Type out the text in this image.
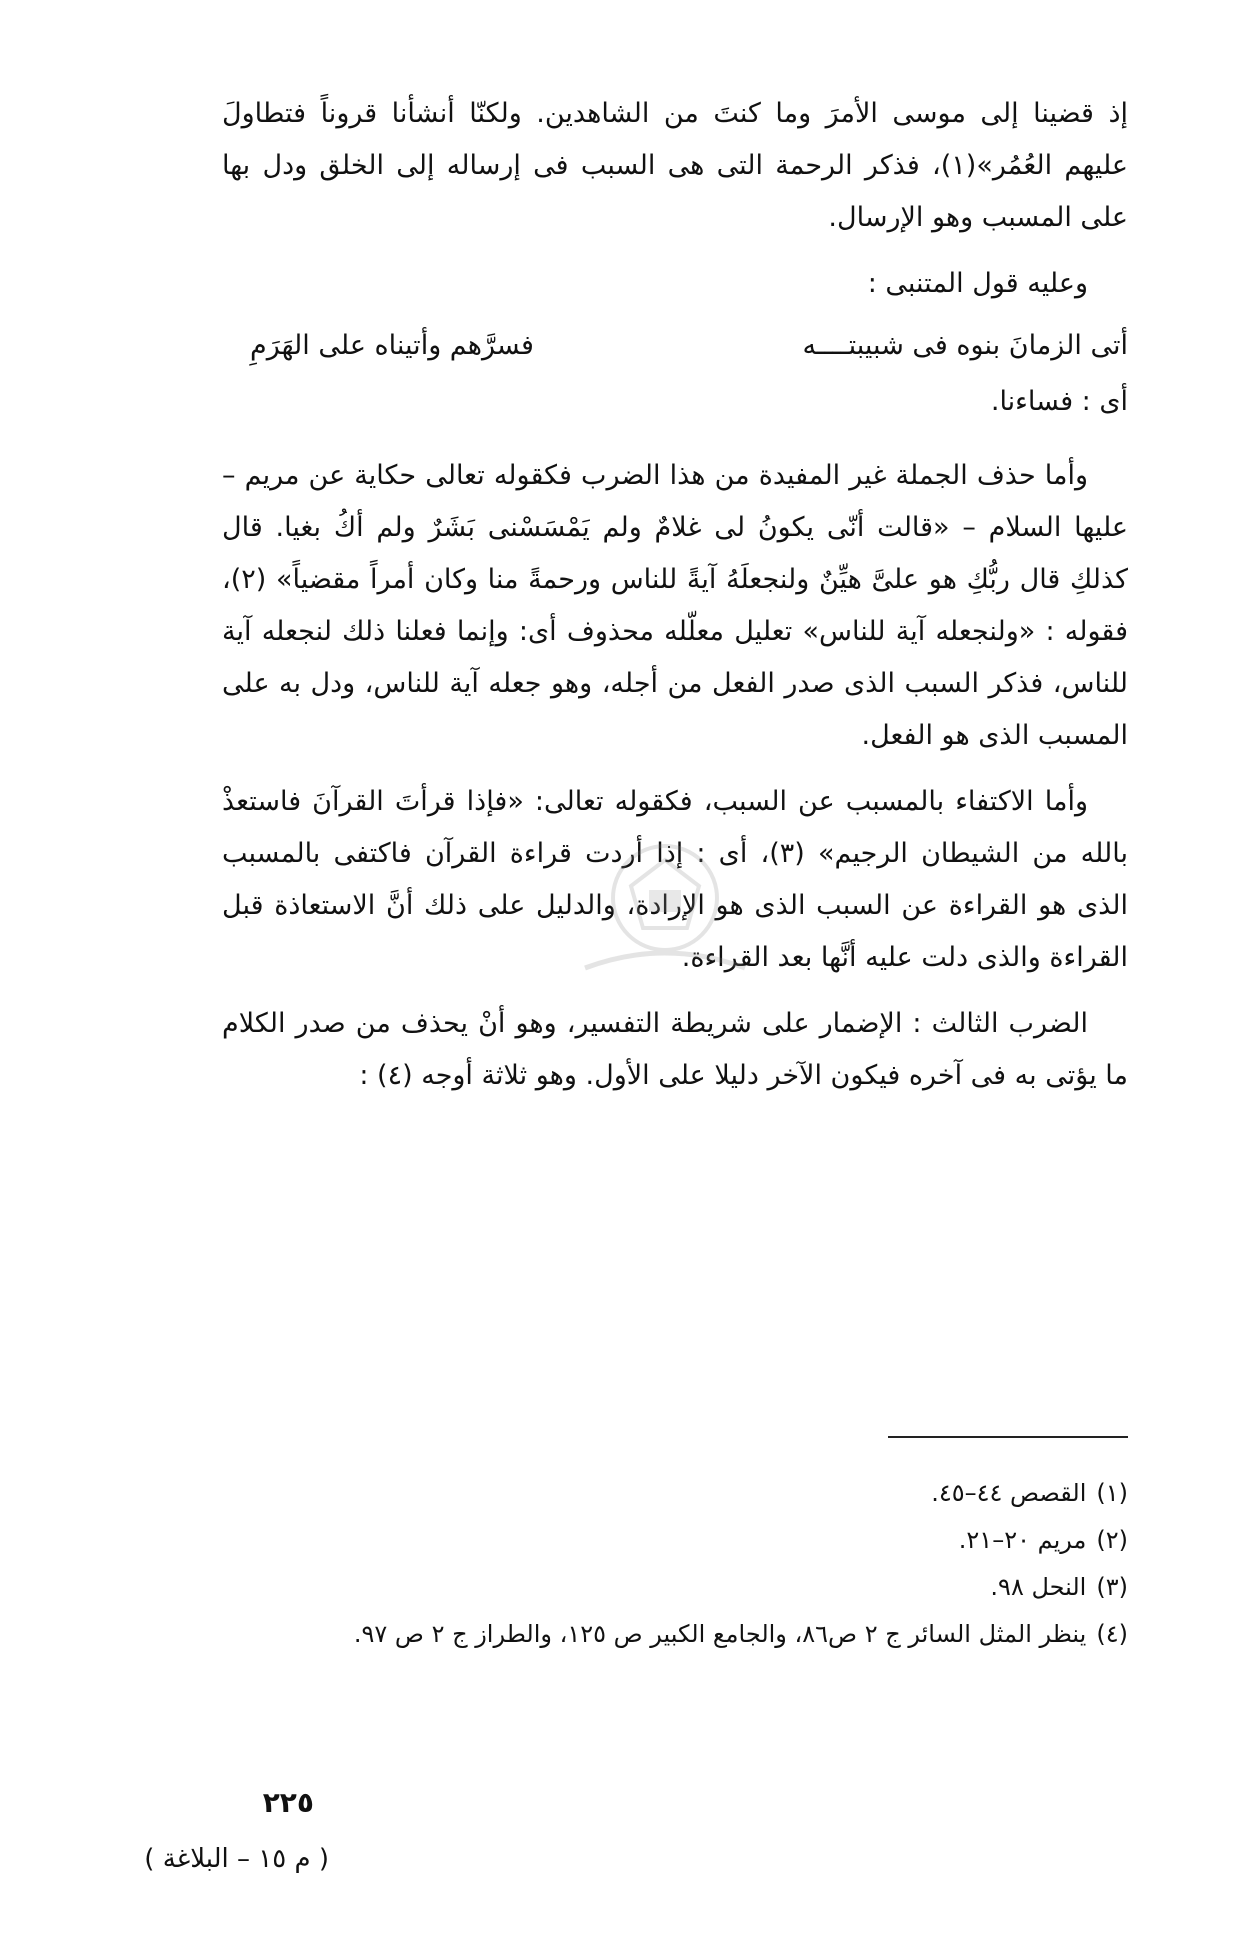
إذ قضينا إلى موسى الأمرَ وما كنتَ من الشاهدين. ولكنّا أنشأنا قروناً فتطاولَ عليهم العُمُر»(١)، فذكر الرحمة التى هى السبب فى إرساله إلى الخلق ودل بها على المسبب وهو الإرسال.

وعليه قول المتنبى :

أتى الزمانَ بنوه فى شبيبتــــه
فسرَّهم وأتيناه على الهَرَمِ

أى : فساءنا.

وأما حذف الجملة غير المفيدة من هذا الضرب فكقوله تعالى حكاية عن مريم – عليها السلام – «قالت أنّى يكونُ لى غلامٌ ولم يَمْسَسْنى بَشَرٌ ولم أكُ بغيا. قال كذلكِ قال ربُّكِ هو علىَّ هيِّنٌ ولنجعلَهُ آيةً للناس ورحمةً منا وكان أمراً مقضياً» (٢)، فقوله : «ولنجعله آية للناس» تعليل معلّله محذوف أى: وإنما فعلنا ذلك لنجعله آية للناس، فذكر السبب الذى صدر الفعل من أجله، وهو جعله آية للناس، ودل به على المسبب الذى هو الفعل.

وأما الاكتفاء بالمسبب عن السبب، فكقوله تعالى: «فإذا قرأتَ القرآنَ فاستعذْ بالله من الشيطان الرجيم» (٣)، أى : إذا أردت قراءة القرآن فاكتفى بالمسبب الذى هو القراءة عن السبب الذى هو الإرادة، والدليل على ذلك أنَّ الاستعاذة قبل القراءة والذى دلت عليه أنَّها بعد القراءة.

الضرب الثالث : الإضمار على شريطة التفسير، وهو أنْ يحذف من صدر الكلام ما يؤتى به فى آخره فيكون الآخر دليلا على الأول. وهو ثلاثة أوجه (٤) :

(١)القصص ٤٤–٤٥.

(٢)مريم ٢٠–٢١.

(٣)النحل ٩٨.

(٤)ينظر المثل السائر ج ٢ ص٨٦، والجامع الكبير ص ١٢٥، والطراز ج ٢ ص ٩٧.

٢٢٥
( م ١٥ – البلاغة )
